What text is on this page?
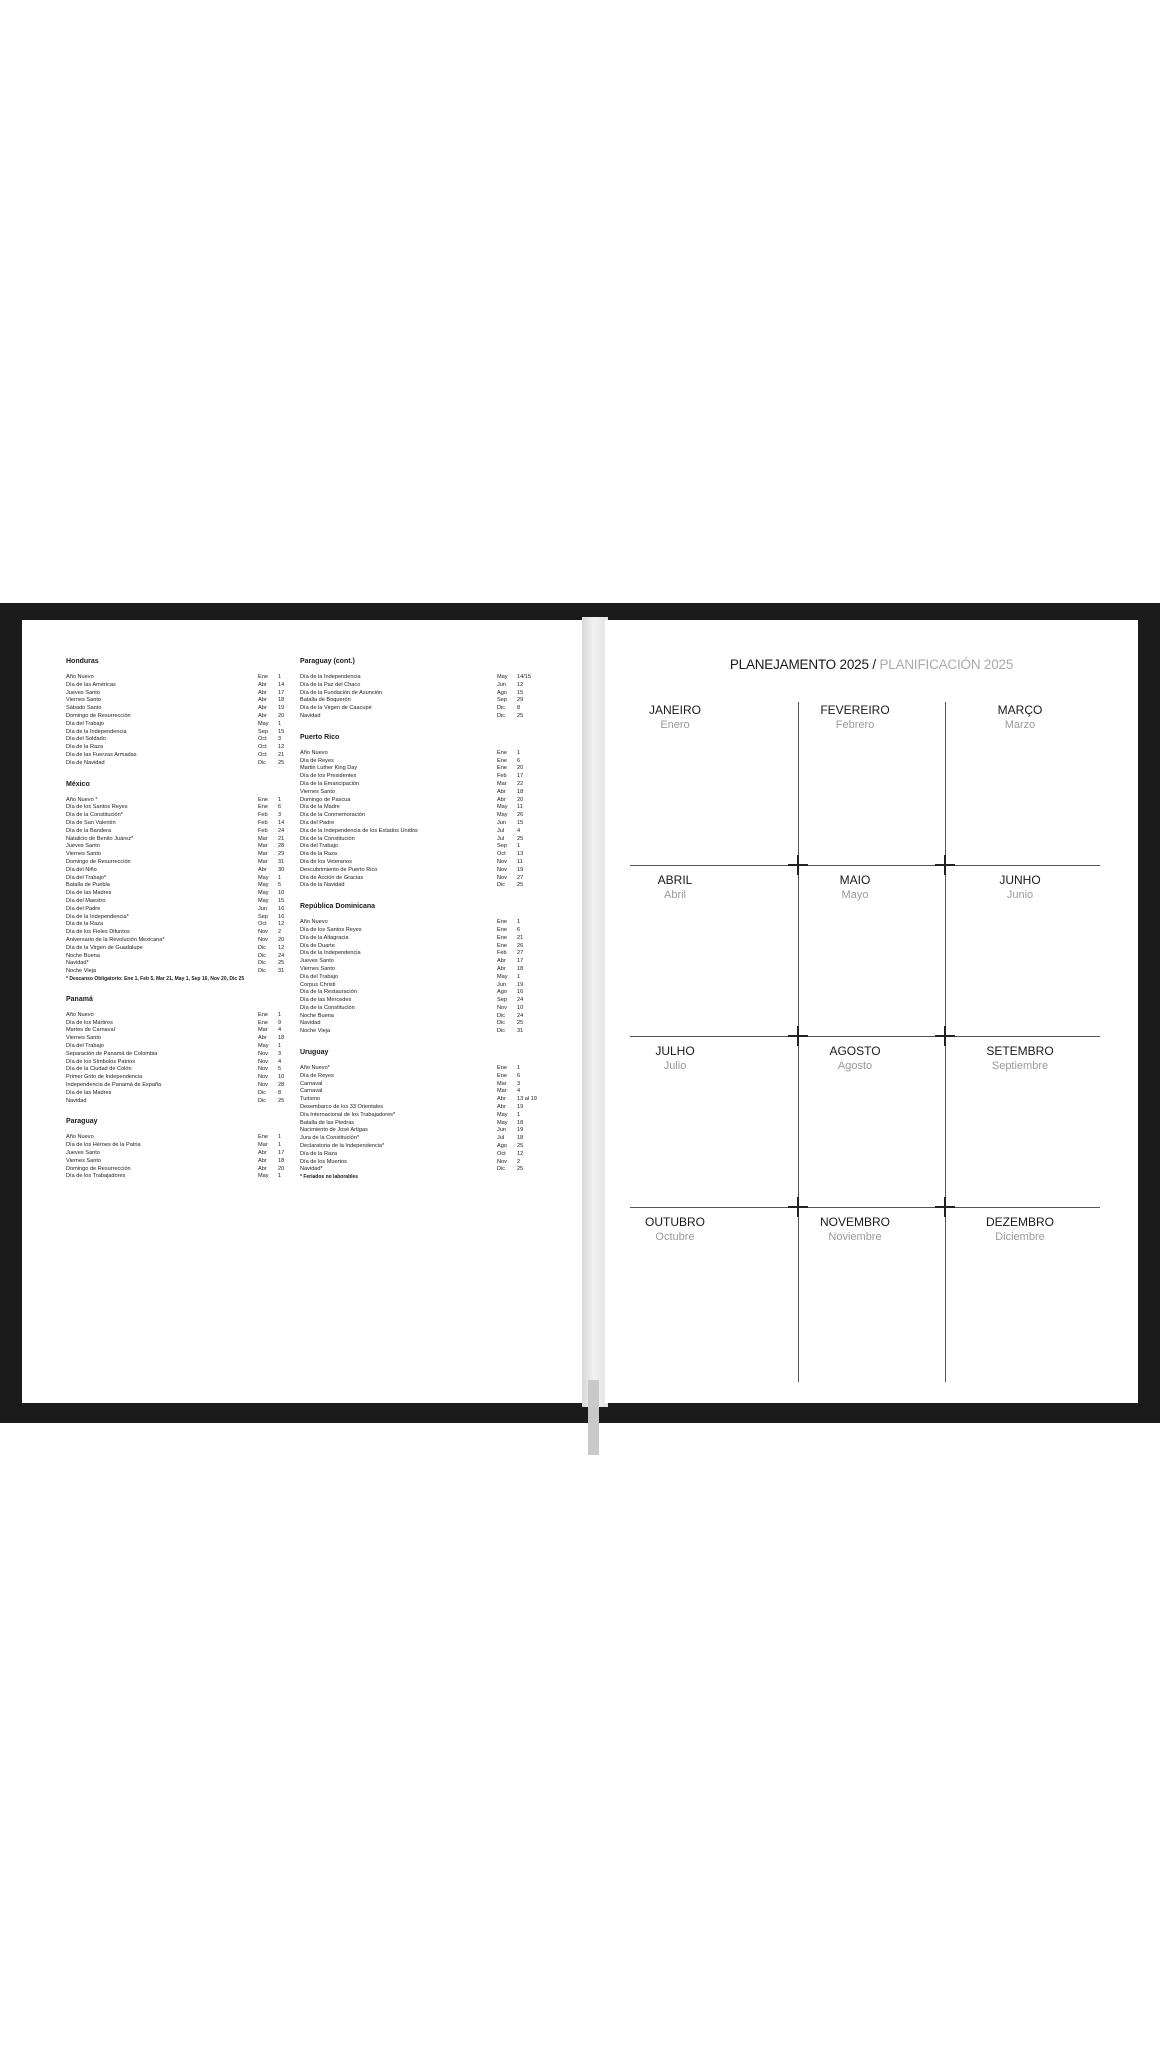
Honduras
Año Nuevo	Ene	1
Día de las Américas	Abr	14
Jueves Santo	Abr	17
Viernes Santo	Abr	18
Sábado Santo	Abr	19
Domingo de Resurrección	Abr	20
Día del Trabajo	May	1
Día de la Independencia	Sep	15
Día del Soldado	Oct	3
Día de la Raza	Oct	12
Día de las Fuerzas Armadas	Oct	21
Día de Navidad	Dic	25
México
Año Nuevo *	Ene	1
Día de los Santos Reyes	Ene	6
Día de la Constitución*	Feb	3
Día de San Valentín	Feb	14
Día de la Bandera	Feb	24
Natalicio de Benito Juárez*	Mar	21
Jueves Santo	Mar	28
Viernes Santo	Mar	29
Domingo de Resurrección	Mar	31
Día del Niño	Abr	30
Día del Trabajo*	May	1
Batalla de Puebla	May	5
Día de las Madres	May	10
Día del Maestro	May	15
Día del Padre	Jun	16
Día de la Independencia*	Sep	16
Día de la Raza	Oct	12
Día de los Fieles Difuntos	Nov	2
Aniversario de la Revolución Mexicana*	Nov	20
Día de la Virgen de Guadalupe	Dic	12
Noche Buena	Dic	24
Navidad*	Dic	25
Noche Vieja	Dic	31
* Descanso Obligatorio: Ene 1, Feb 5, Mar 21, May 1, Sep 16, Nov 20, Dic 25
Panamá
Año Nuevo	Ene	1
Día de los Mártires	Ene	9
Martes de Carnaval	Mar	4
Viernes Santo	Abr	18
Día del Trabajo	May	1
Separación de Panamá de Colombia	Nov	3
Día de los Símbolos Patrios	Nov	4
Día de la Ciudad de Colón	Nov	5
Primer Grito de Independencia	Nov	10
Independencia de Panamá de España	Nov	28
Día de las Madres	Dic	8
Navidad	Dic	25
Paraguay
Año Nuevo	Ene	1
Día de los Héroes de la Patria	Mar	1
Jueves Santo	Abr	17
Viernes Santo	Abr	18
Domingo de Resurrección	Abr	20
Día de los Trabajadores	May	1
Paraguay (cont.)
Día de la Independencia	May	14/15
Día de la Paz del Chaco	Jun	12
Día de la Fundación de Asunción	Ago	15
Batalla de Boquerón	Sep	29
Día de la Virgen de Caacupé	Dic	8
Navidad	Dic	25
Puerto Rico
Año Nuevo	Ene	1
Día de Reyes	Ene	6
Martin Luther King Day	Ene	20
Día de los Presidentes	Feb	17
Día de la Emancipación	Mar	22
Viernes Santo	Abr	18
Domingo de Pascua	Abr	20
Día de la Madre	May	11
Día de la Conmemoración	May	26
Día del Padre	Jun	15
Día de la Independencia de los Estados Unidos	Jul	4
Día de la Constitución	Jul	25
Día del Trabajo	Sep	1
Día de la Raza	Oct	13
Día de los Veteranos	Nov	11
Descubrimiento de Puerto Rico	Nov	19
Día de Acción de Gracias	Nov	27
Día de la Navidad	Dic	25
República Dominicana
Año Nuevo	Ene	1
Día de los Santos Reyes	Ene	6
Día de la Altagracia	Ene	21
Día de Duarte	Ene	26
Día de la Independencia	Feb	27
Jueves Santo	Abr	17
Viernes Santo	Abr	18
Día del Trabajo	May	1
Corpus Christi	Jun	19
Día de la Restauración	Ago	16
Día de las Mercedes	Sep	24
Día de la Constitución	Nov	10
Noche Buena	Dic	24
Navidad	Dic	25
Noche Vieja	Dic	31
Uruguay
Año Nuevo*	Ene	1
Día de Reyes	Ene	6
Carnaval	Mar	3
Carnaval	Mar	4
Turismo	Abr	13 al 19
Desembarco de los 33 Orientales	Abr	19
Día Internacional de los Trabajadores*	May	1
Batalla de las Piedras	May	18
Nacimiento de José Artigas	Jun	19
Jura de la Constitución*	Jul	18
Declaratoria de la Independencia*	Ago	25
Día de la Raza	Oct	12
Día de los Muertos	Nov	2
Navidad*	Dic	25
* Feriados no laborables
PLANEJAMENTO 2025 / PLANIFICACIÓN 2025
JANEIRO
Enero
FEVEREIRO
Febrero
MARÇO
Marzo
ABRIL
Abril
MAIO
Mayo
JUNHO
Junio
JULHO
Julio
AGOSTO
Agosto
SETEMBRO
Septiembre
OUTUBRO
Octubre
NOVEMBRO
Noviembre
DEZEMBRO
Diciembre
